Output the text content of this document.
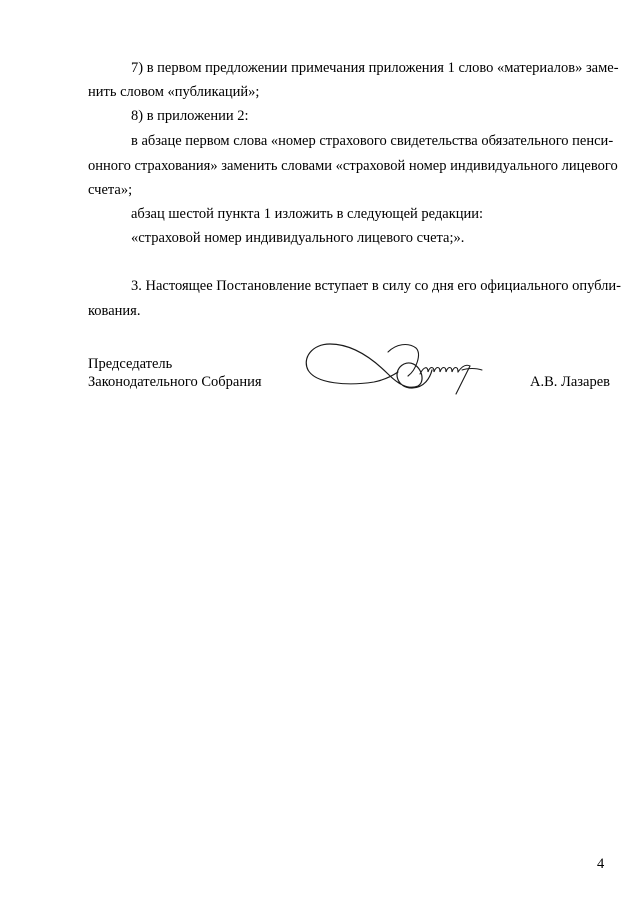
7) в первом предложении примечания приложения 1 слово «материалов» заме-
нить словом «публикаций»;
8) в приложении 2:
в абзаце первом слова «номер страхового свидетельства обязательного пенси-
онного страхования» заменить словами «страховой номер индивидуального лицевого
счета»;
абзац шестой пункта 1 изложить в следующей редакции:
«страховой номер индивидуального лицевого счета;».
3. Настоящее Постановление вступает в силу со дня его официального опубли-
кования.
Председатель
Законодательного Собрания	А.В. Лазарев
4
